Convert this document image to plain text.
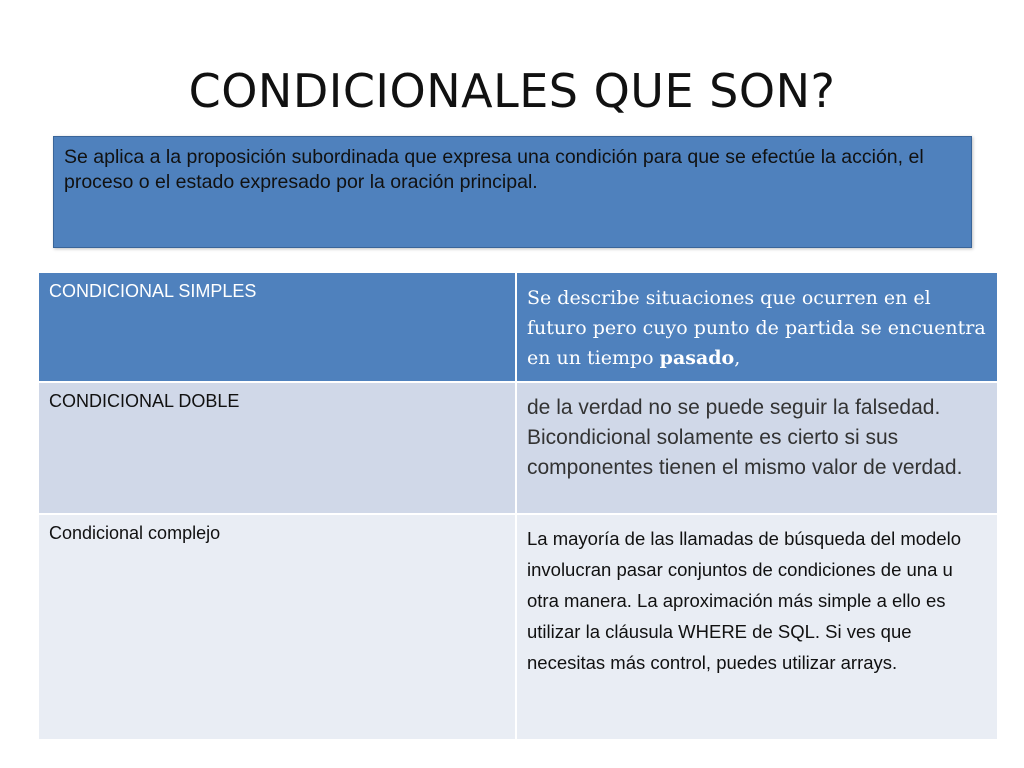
CONDICIONALES QUE SON?
Se aplica a la proposición subordinada que expresa una condición para que se efectúe la acción, el proceso o el estado expresado por la oración principal.
CONDICIONAL SIMPLES	Se describe situaciones que ocurren en el futuro pero cuyo punto de partida se encuentra en un tiempo pasado,
CONDICIONAL DOBLE	de la verdad no se puede seguir la falsedad. Bicondicional solamente es cierto si sus componentes tienen el mismo valor de verdad.
Condicional complejo	La mayoría de las llamadas de búsqueda del modelo involucran pasar conjuntos de condiciones de una u otra manera. La aproximación más simple a ello es utilizar la cláusula WHERE de SQL. Si ves que necesitas más control, puedes utilizar arrays.
